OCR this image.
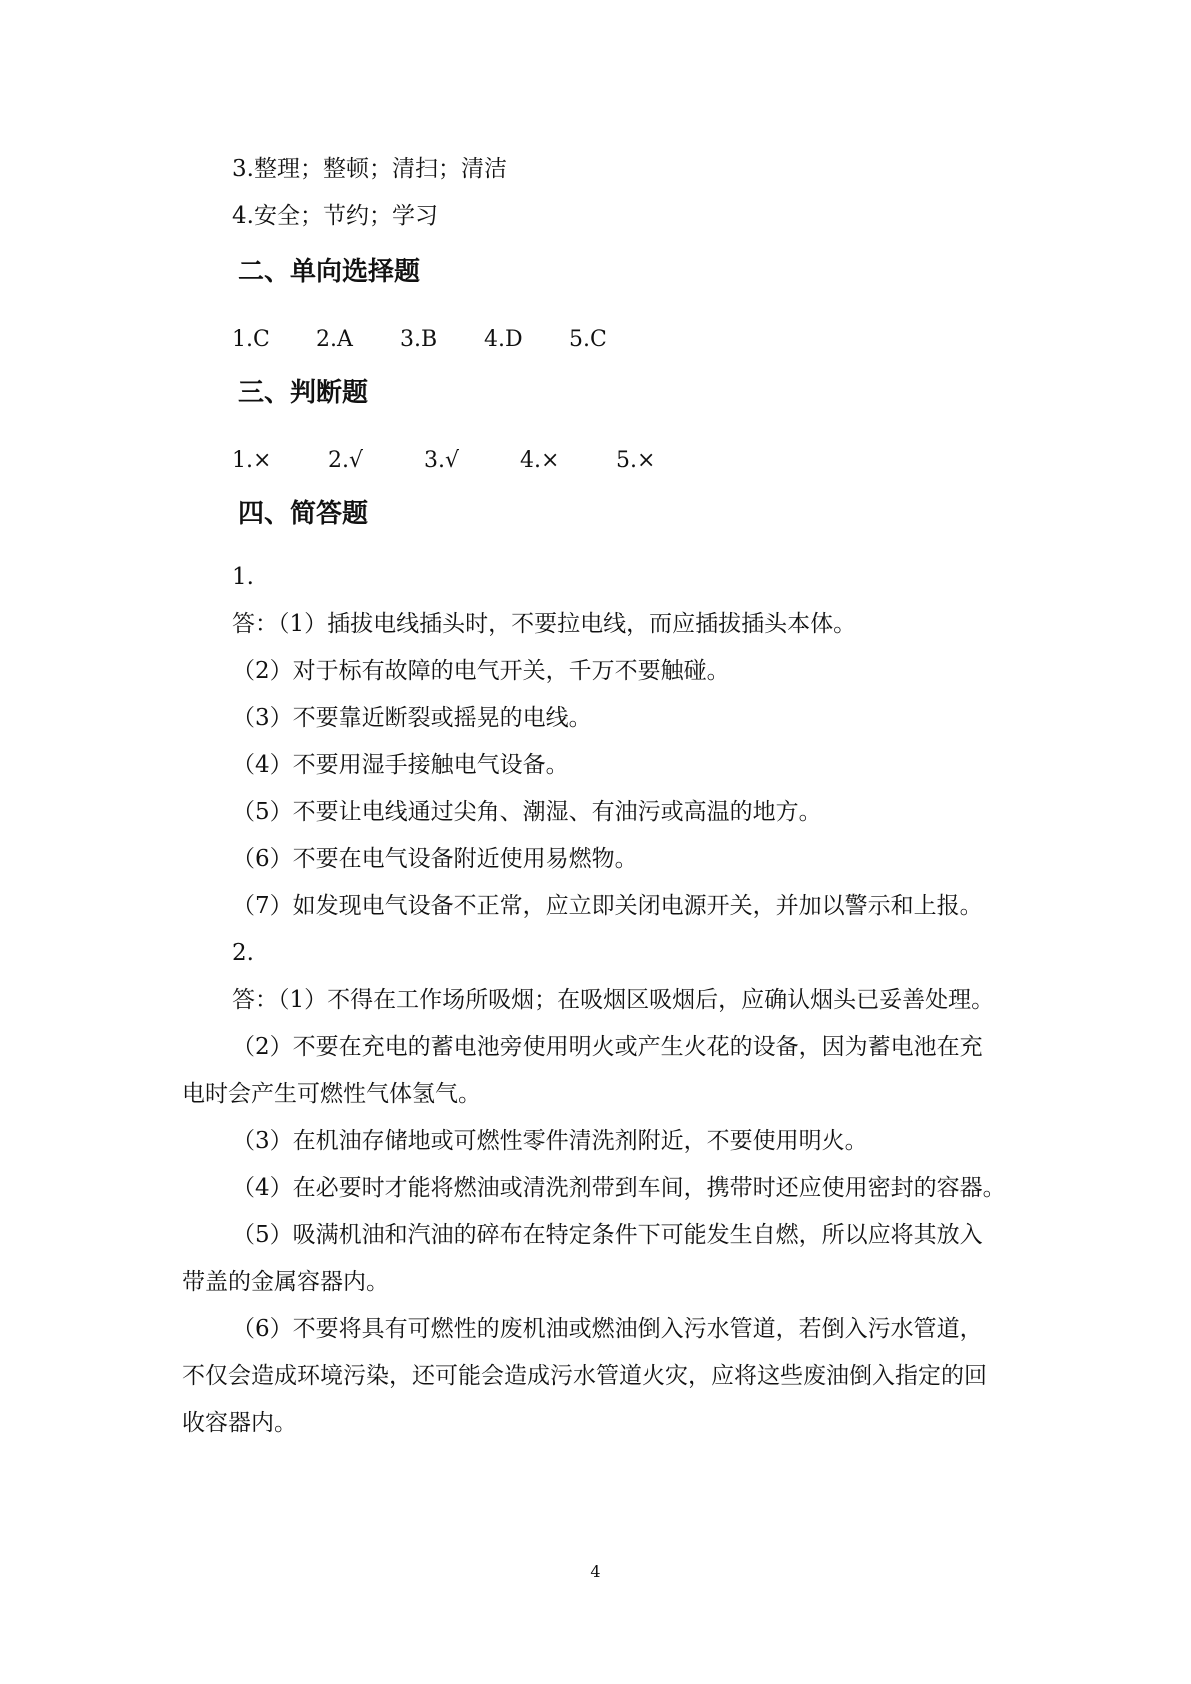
3.整理；整顿；清扫；清洁
4.安全；节约；学习
二、单向选择题
1.C 2.A 3.B 4.D 5.C
三、判断题
1.×	2.√	3.√	4.×	5.×
四、简答题
1.
答：（1）插拔电线插头时，不要拉电线，而应插拔插头本体。
（2）对于标有故障的电气开关，千万不要触碰。
（3）不要靠近断裂或摇晃的电线。
（4）不要用湿手接触电气设备。
（5）不要让电线通过尖角、潮湿、有油污或高温的地方。
（6）不要在电气设备附近使用易燃物。
（7）如发现电气设备不正常，应立即关闭电源开关，并加以警示和上报。
2.
答：（1）不得在工作场所吸烟；在吸烟区吸烟后，应确认烟头已妥善处理。
（2）不要在充电的蓄电池旁使用明火或产生火花的设备，因为蓄电池在充
电时会产生可燃性气体氢气。
（3）在机油存储地或可燃性零件清洗剂附近，不要使用明火。
（4）在必要时才能将燃油或清洗剂带到车间，携带时还应使用密封的容器。
（5）吸满机油和汽油的碎布在特定条件下可能发生自燃，所以应将其放入
带盖的金属容器内。
（6）不要将具有可燃性的废机油或燃油倒入污水管道，若倒入污水管道，
不仅会造成环境污染，还可能会造成污水管道火灾，应将这些废油倒入指定的回
收容器内。
4
